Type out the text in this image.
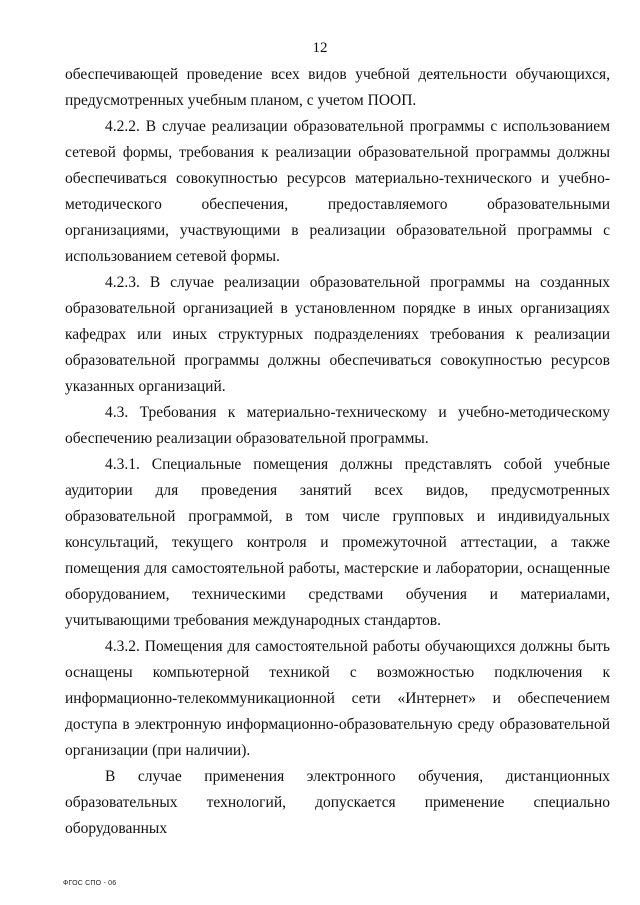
12

обеспечивающей проведение всех видов учебной деятельности обучающихся, предусмотренных учебным планом, с учетом ПООП.

4.2.2. В случае реализации образовательной программы с использованием сетевой формы, требования к реализации образовательной программы должны обеспечиваться совокупностью ресурсов материально-технического и учебно-методического обеспечения, предоставляемого образовательными организациями, участвующими в реализации образовательной программы с использованием сетевой формы.

4.2.3. В случае реализации образовательной программы на созданных образовательной организацией в установленном порядке в иных организациях кафедрах или иных структурных подразделениях требования к реализации образовательной программы должны обеспечиваться совокупностью ресурсов указанных организаций.

4.3. Требования к материально-техническому и учебно-методическому обеспечению реализации образовательной программы.

4.3.1. Специальные помещения должны представлять собой учебные аудитории для проведения занятий всех видов, предусмотренных образовательной программой, в том числе групповых и индивидуальных консультаций, текущего контроля и промежуточной аттестации, а также помещения для самостоятельной работы, мастерские и лаборатории, оснащенные оборудованием, техническими средствами обучения и материалами, учитывающими требования международных стандартов.

4.3.2. Помещения для самостоятельной работы обучающихся должны быть оснащены компьютерной техникой с возможностью подключения к информационно-телекоммуникационной сети «Интернет» и обеспечением доступа в электронную информационно-образовательную среду образовательной организации (при наличии).

В случае применения электронного обучения, дистанционных образовательных технологий, допускается применение специально оборудованных

ФГОС СПО - 06
